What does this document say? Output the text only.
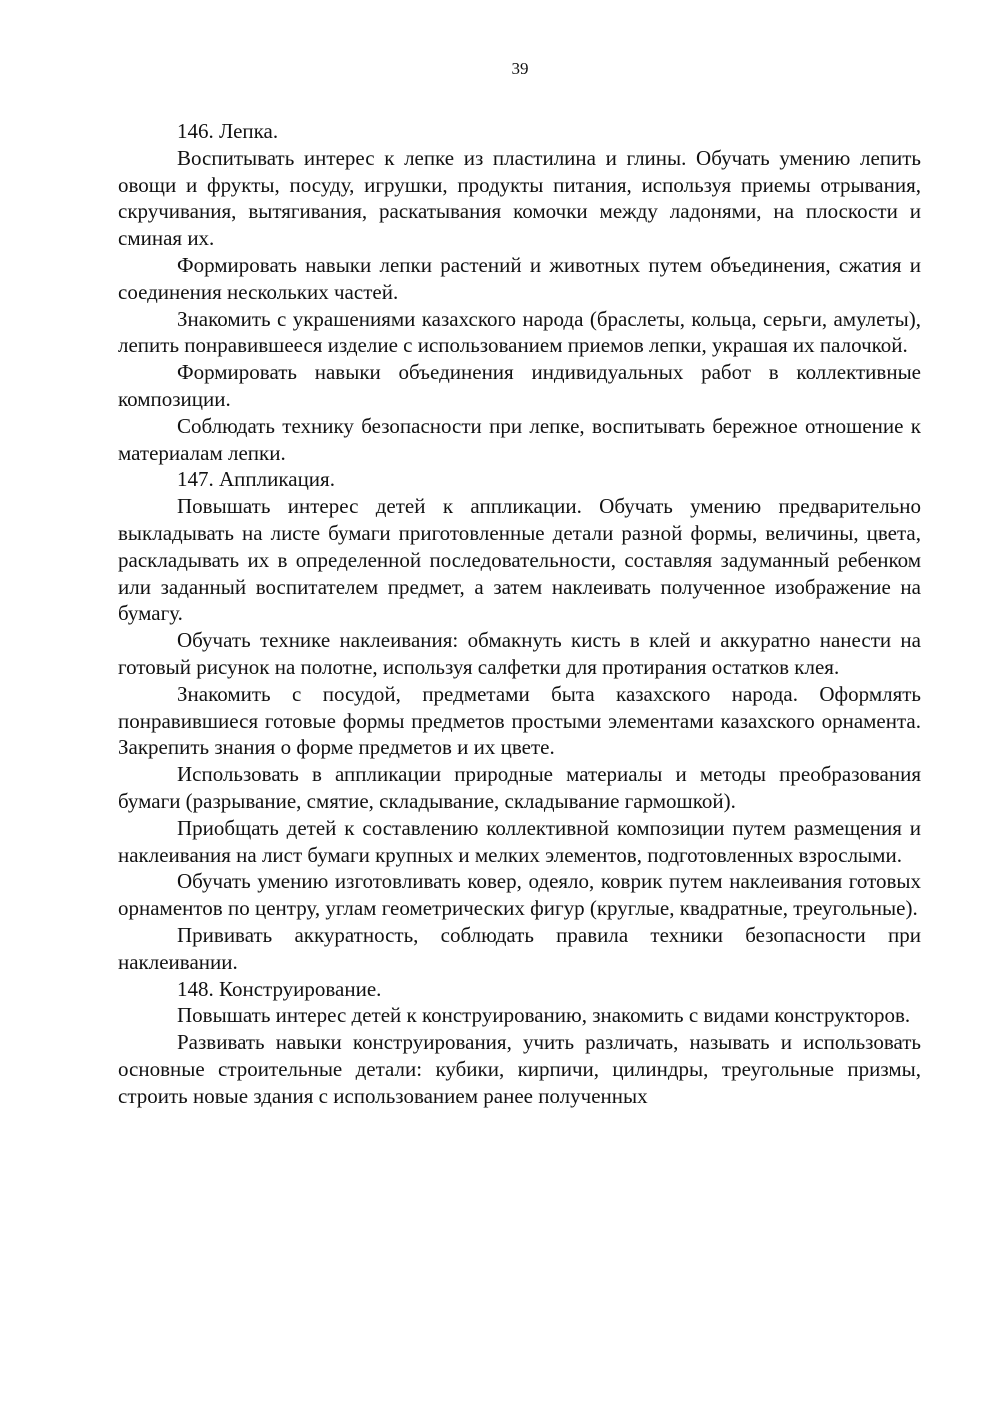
39

146. Лепка.

Воспитывать интерес к лепке из пластилина и глины. Обучать умению лепить овощи и фрукты, посуду, игрушки, продукты питания, используя приемы отрывания, скручивания, вытягивания, раскатывания комочки между ладонями, на плоскости и сминая их.

Формировать навыки лепки растений и животных путем объединения, сжатия и соединения нескольких частей.

Знакомить с украшениями казахского народа (браслеты, кольца, серьги, амулеты), лепить понравившееся изделие с использованием приемов лепки, украшая их палочкой.

Формировать навыки объединения индивидуальных работ в коллективные композиции.

Соблюдать технику безопасности при лепке, воспитывать бережное отношение к материалам лепки.

147. Аппликация.

Повышать интерес детей к аппликации. Обучать умению предварительно выкладывать на листе бумаги приготовленные детали разной формы, величины, цвета, раскладывать их в определенной последовательности, составляя задуманный ребенком или заданный воспитателем предмет, а затем наклеивать полученное изображение на бумагу.

Обучать технике наклеивания: обмакнуть кисть в клей и аккуратно нанести на готовый рисунок на полотне, используя салфетки для протирания остатков клея.

Знакомить с посудой, предметами быта казахского народа. Оформлять понравившиеся готовые формы предметов простыми элементами казахского орнамента. Закрепить знания о форме предметов и их цвете.

Использовать в аппликации природные материалы и методы преобразования бумаги (разрывание, смятие, складывание, складывание гармошкой).

Приобщать детей к составлению коллективной композиции путем размещения и наклеивания на лист бумаги крупных и мелких элементов, подготовленных взрослыми.

Обучать умению изготовливать ковер, одеяло, коврик путем наклеивания готовых орнаментов по центру, углам геометрических фигур (круглые, квадратные, треугольные).

Прививать аккуратность, соблюдать правила техники безопасности при наклеивании.

148. Конструирование.

Повышать интерес детей к конструированию, знакомить с видами конструкторов.

Развивать навыки конструирования, учить различать, называть и использовать основные строительные детали: кубики, кирпичи, цилиндры, треугольные призмы, строить новые здания с использованием ранее полученных
